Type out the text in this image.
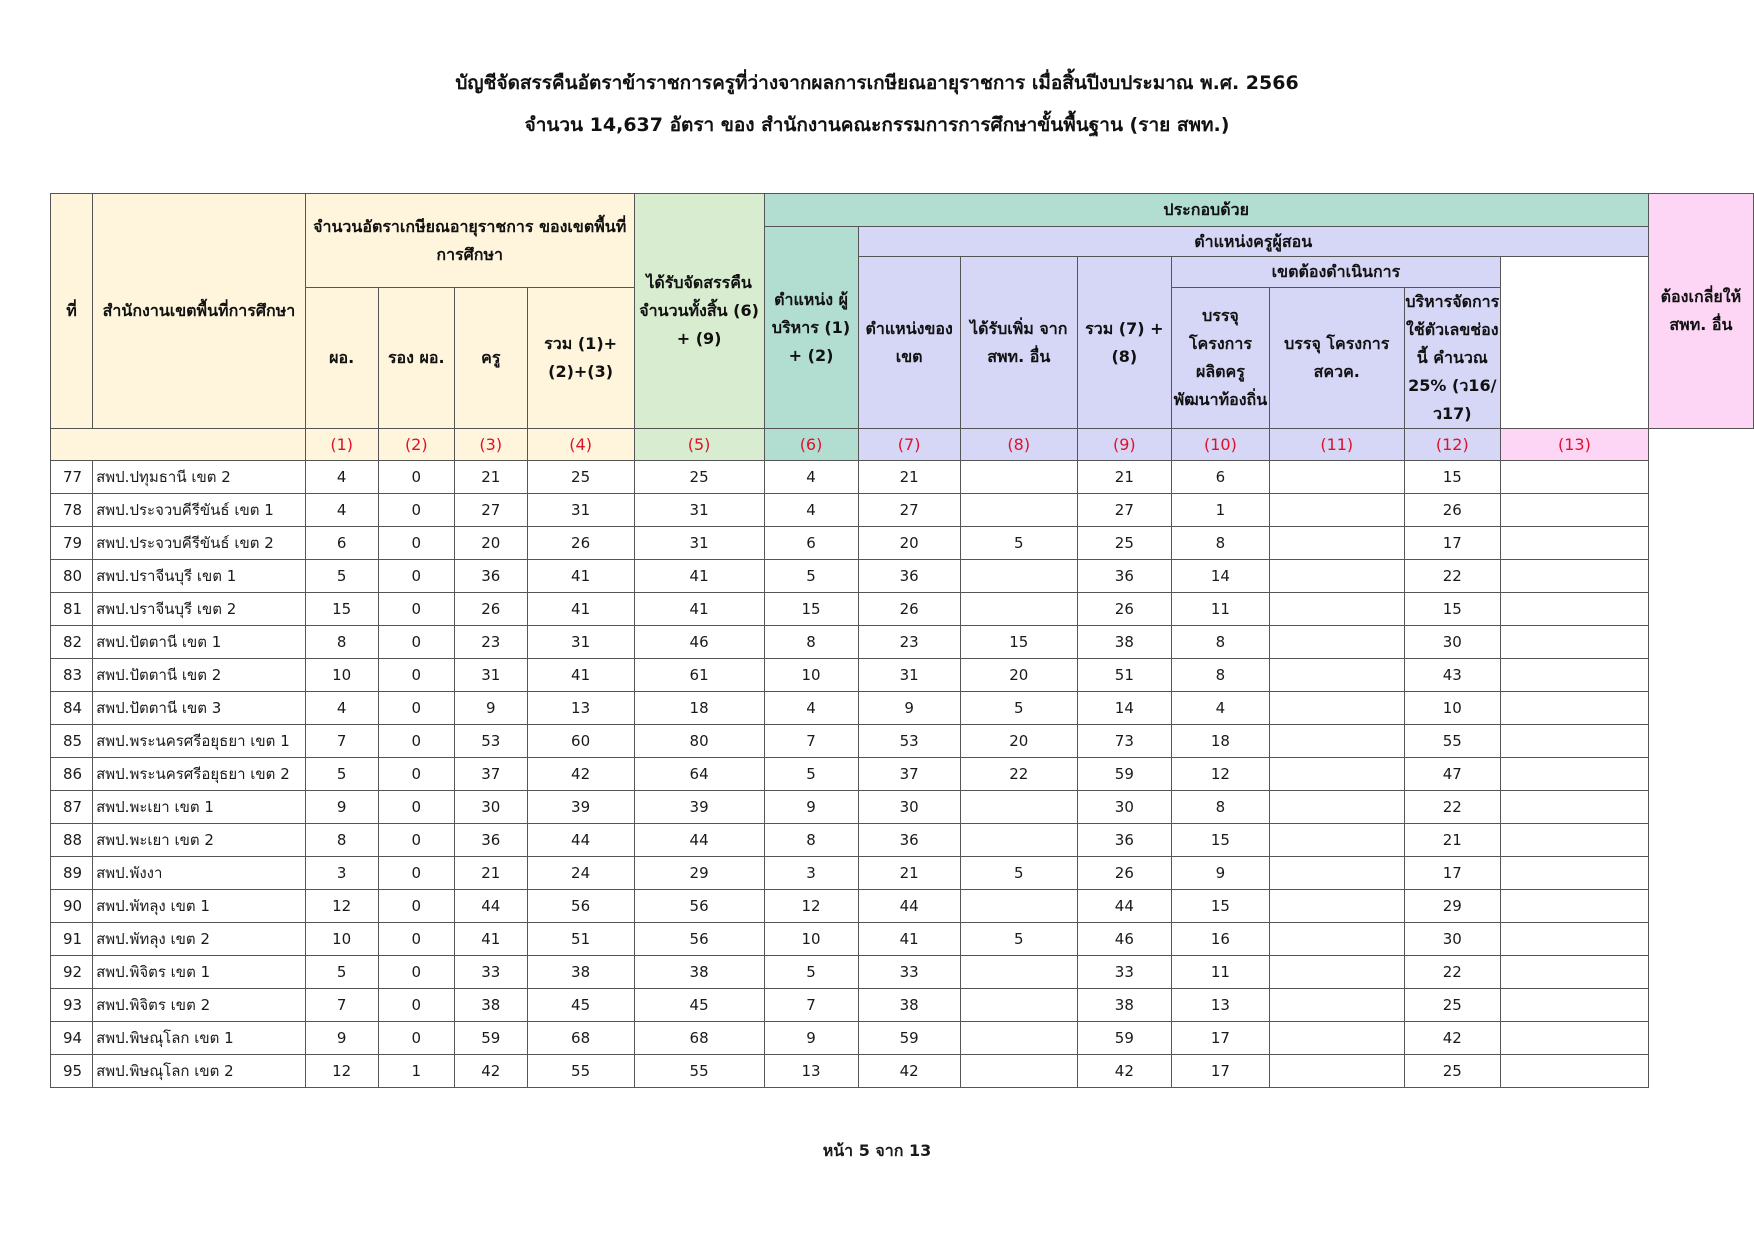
บัญชีจัดสรรคืนอัตราข้าราชการครูที่ว่างจากผลการเกษียณอายุราชการ เมื่อสิ้นปีงบประมาณ พ.ศ. 2566
จำนวน 14,637 อัตรา ของ สำนักงานคณะกรรมการการศึกษาขั้นพื้นฐาน (ราย สพท.)
ที่	สำนักงานเขตพื้นที่การศึกษา	จำนวนอัตราเกษียณอายุราชการ ของเขตพื้นที่การศึกษา				ได้รับจัดสรรคืน จำนวนทั้งสิ้น (6) + (9)	ประกอบด้วย								ต้องเกลี่ยให้ สพท. อื่น
							ตำแหน่ง ผู้บริหาร (1) + (2)	ตำแหน่งครูผู้สอน							
								ตำแหน่งของ เขต	ได้รับเพิ่ม จาก สพท. อื่น	รวม (7) + (8)	เขตต้องดำเนินการ				
		ผอ.	รอง ผอ.	ครู	รวม (1)+(2)+(3)						บรรจุโครงการ ผลิตครู พัฒนาท้องถิ่น	บรรจุ โครงการ สควค.	บริหารจัดการ ใช้ตัวเลขช่องนี้ คำนวณ 25% (ว16/ ว17)		
		(1)	(2)	(3)	(4)	(5)	(6)	(7)	(8)	(9)	(10)	(11)	(12)	(13)	
77	สพป.ปทุมธานี เขต 2	4	0	21	25	25	4	21		21	6		15		
78	สพป.ประจวบคีรีขันธ์ เขต 1	4	0	27	31	31	4	27		27	1		26		
79	สพป.ประจวบคีรีขันธ์ เขต 2	6	0	20	26	31	6	20	5	25	8		17		
80	สพป.ปราจีนบุรี เขต 1	5	0	36	41	41	5	36		36	14		22		
81	สพป.ปราจีนบุรี เขต 2	15	0	26	41	41	15	26		26	11		15		
82	สพป.ปัตตานี เขต 1	8	0	23	31	46	8	23	15	38	8		30		
83	สพป.ปัตตานี เขต 2	10	0	31	41	61	10	31	20	51	8		43		
84	สพป.ปัตตานี เขต 3	4	0	9	13	18	4	9	5	14	4		10		
85	สพป.พระนครศรีอยุธยา เขต 1	7	0	53	60	80	7	53	20	73	18		55		
86	สพป.พระนครศรีอยุธยา เขต 2	5	0	37	42	64	5	37	22	59	12		47		
87	สพป.พะเยา เขต 1	9	0	30	39	39	9	30		30	8		22		
88	สพป.พะเยา เขต 2	8	0	36	44	44	8	36		36	15		21		
89	สพป.พังงา	3	0	21	24	29	3	21	5	26	9		17		
90	สพป.พัทลุง เขต 1	12	0	44	56	56	12	44		44	15		29		
91	สพป.พัทลุง เขต 2	10	0	41	51	56	10	41	5	46	16		30		
92	สพป.พิจิตร เขต 1	5	0	33	38	38	5	33		33	11		22		
93	สพป.พิจิตร เขต 2	7	0	38	45	45	7	38		38	13		25		
94	สพป.พิษณุโลก เขต 1	9	0	59	68	68	9	59		59	17		42		
95	สพป.พิษณุโลก เขต 2	12	1	42	55	55	13	42		42	17		25		
หน้า 5 จาก 13
